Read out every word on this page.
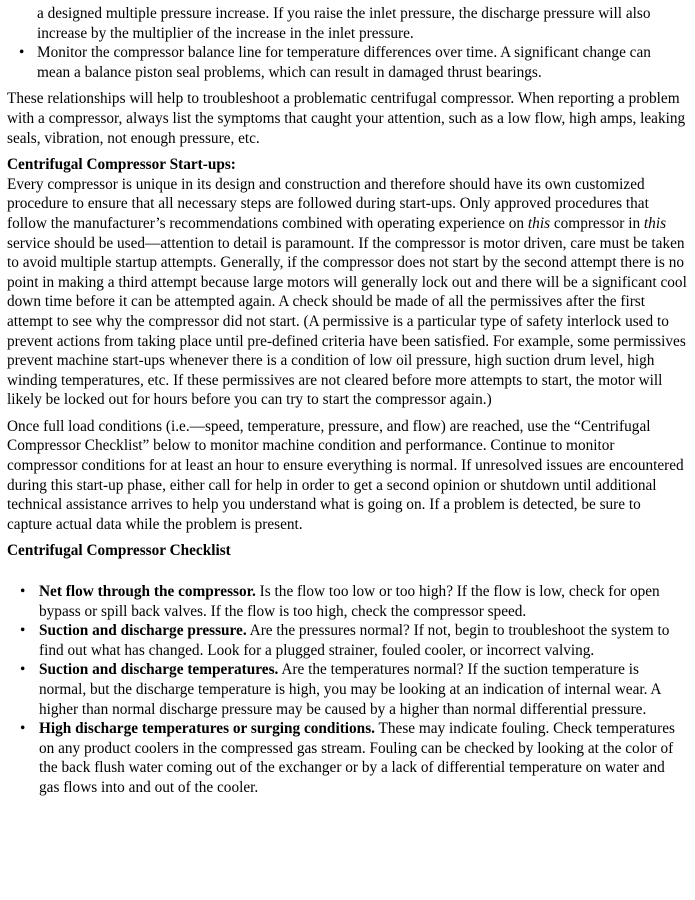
a designed multiple pressure increase. If you raise the inlet pressure, the discharge pressure will also increase by the multiplier of the increase in the inlet pressure.

• Monitor the compressor balance line for temperature differences over time. A significant change can mean a balance piston seal problems, which can result in damaged thrust bearings.

These relationships will help to troubleshoot a problematic centrifugal compressor. When reporting a problem with a compressor, always list the symptoms that caught your attention, such as a low flow, high amps, leaking seals, vibration, not enough pressure, etc.

Centrifugal Compressor Start-ups:

Every compressor is unique in its design and construction and therefore should have its own customized procedure to ensure that all necessary steps are followed during start-ups. Only approved procedures that follow the manufacturer’s recommendations combined with operating experience on this compressor in this service should be used—attention to detail is paramount. If the compressor is motor driven, care must be taken to avoid multiple startup attempts. Generally, if the compressor does not start by the second attempt there is no point in making a third attempt because large motors will generally lock out and there will be a significant cool down time before it can be attempted again. A check should be made of all the permissives after the first attempt to see why the compressor did not start. (A permissive is a particular type of safety interlock used to prevent actions from taking place until pre-defined criteria have been satisfied. For example, some permissives prevent machine start-ups whenever there is a condition of low oil pressure, high suction drum level, high winding temperatures, etc. If these permissives are not cleared before more attempts to start, the motor will likely be locked out for hours before you can try to start the compressor again.)

Once full load conditions (i.e.—speed, temperature, pressure, and flow) are reached, use the “Centrifugal Compressor Checklist” below to monitor machine condition and performance. Continue to monitor compressor conditions for at least an hour to ensure everything is normal. If unresolved issues are encountered during this start-up phase, either call for help in order to get a second opinion or shutdown until additional technical assistance arrives to help you understand what is going on. If a problem is detected, be sure to capture actual data while the problem is present.

Centrifugal Compressor Checklist

• Net flow through the compressor. Is the flow too low or too high? If the flow is low, check for open bypass or spill back valves. If the flow is too high, check the compressor speed.
• Suction and discharge pressure. Are the pressures normal? If not, begin to troubleshoot the system to find out what has changed. Look for a plugged strainer, fouled cooler, or incorrect valving.
• Suction and discharge temperatures. Are the temperatures normal? If the suction temperature is normal, but the discharge temperature is high, you may be looking at an indication of internal wear. A higher than normal discharge pressure may be caused by a higher than normal differential pressure.
• High discharge temperatures or surging conditions. These may indicate fouling. Check temperatures on any product coolers in the compressed gas stream. Fouling can be checked by looking at the color of the back flush water coming out of the exchanger or by a lack of differential temperature on water and gas flows into and out of the cooler.
